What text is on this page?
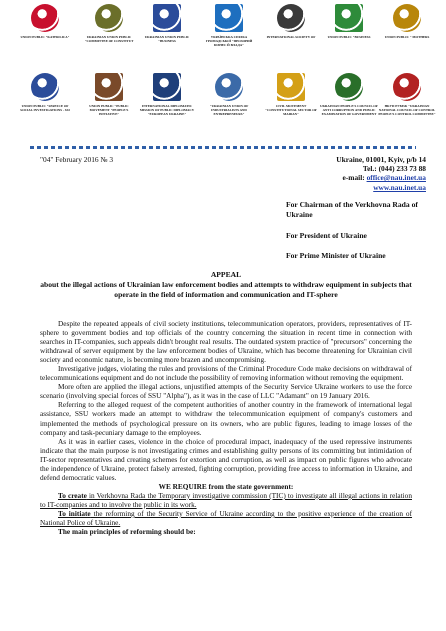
UNION PUBLIC "KATHOLICA"	UKRAINIAN UNION PUBLIC "COMMITTEE OF CONSTITUT
UKRAINIAN UNION PUBLIC "BUSINESS
УКРАЇНСЬКА СПІЛКА ГРОМАДСЬКОЇ "ПРОЗОРИЙ БІЗНЕС Й ВЛАДА"
INTERNATIONAL SOCIETY OF	UNION PUBLIC "BUSINESS	UNION PUBLIC " MOTHERS
UNION PUBLIC "SERVICE OF SOCIAL INVESTIGATIONS - SSI
UNION PUBLIC "PUBLIC MOVEMENT "PEOPLE'S INITIATIVE"
INTERNATIONAL DIPLOMATIC MISSION OF PUBLIC DIPLOMACY "EUROPEAN UKRAINE"
"UKRAINIAN UNION OF INDUSTRIALISTS AND ENTREPRENEURS"
CIVIL MOVEMENT "CONSTITUTIONAL SECTOR OF MAIDAN"
UKRAINIAN PEOPLE'S COUNCIL OF ANTI CORRUPTION AND PUBLIC EXAMINATION OF GOVERNMENT
НКУП РУБЕЖ "UKRAINIAN NATIONAL COUNCIL OF CONTROL PEOPLE'S CONTROL COMMITTEE"
"04" February 2016 № 3	Ukraine, 01001, Kyiv, p/b 14
Tel.: (044) 233 73 88
e-mail: office@nau.inet.ua
www.nau.inet.ua
For Chairman of the Verkhovna Rada of Ukraine
For President of Ukraine
For Prime Minister of Ukraine
APPEAL
about the illegal actions of Ukrainian law enforcement bodies and attempts to withdraw equipment in subjects that operate in the field of information and communication and IT-sphere

Despite the repeated appeals of civil society institutions, telecommunication operators, providers, representatives of IT-sphere to government bodies and top officials of the country concerning the situation in recent time in connection with searches in IT-companies, such appeals didn't brought real results. The outdated system practice of "precursors" concerning the withdrawal of server equipment by the law enforcement bodies of Ukraine, which has become threatening for Ukrainian civil society and economic nature, is becoming more brazen and uncompromising.

Investigative judges, violating the rules and provisions of the Criminal Procedure Code make decisions on withdrawal of telecommunications equipment and do not include the possibility of removing information without removing the equipment.

More often are applied the illegal actions, unjustified attempts of the Security Service Ukraine workers to use the force scenario (involving special forces of SSU "Alpha"), as it was in the case of LLC "Adamant" on 19 January 2016.

Referring to the alleged request of the competent authorities of another country in the framework of international legal assistance, SSU workers made an attempt to withdraw the telecommunication equipment of company's customers and implemented the methods of psychological pressure on its owners, who are public figures, leading to image losses of the company and task-pecuniary damage to the employees.

As it was in earlier cases, violence in the choice of procedural impact, inadequacy of the used repressive instruments indicate that the main purpose is not investigating crimes and establishing guilty persons of its committing but intimidation of IT-sector representatives and creating schemes for extortion and corruption, as well as impact on public figures who advocate the independence of Ukraine, protect falsely arrested, fighting corruption, providing free access to information in Ukraine, and defend democratic values.

WE REQUIRE from the state government:

To create in Verkhovna Rada the Temporary investigative commission (TIC) to investigate all illegal actions in relation to IT-companies and to involve the public in its work.

To initiate the reforming of the Security Service of Ukraine according to the positive experience of the creation of National Police of Ukraine.

The main principles of reforming should be:
